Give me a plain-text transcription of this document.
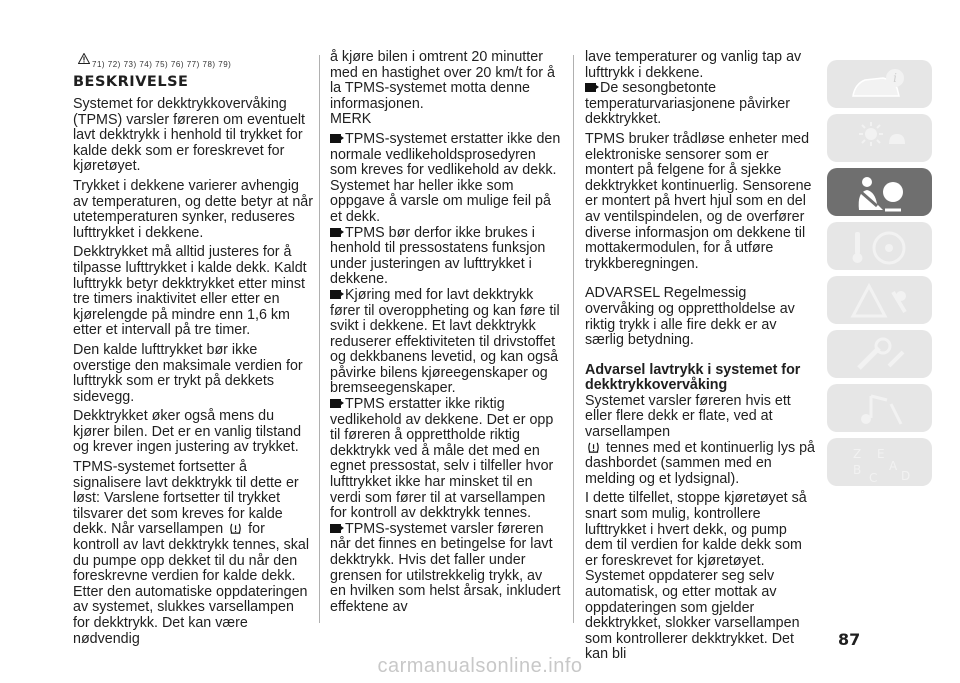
71) 72) 73) 74) 75) 76) 77) 78) 79)
BESKRIVELSE

Systemet for dekktrykkovervåking (TPMS) varsler føreren om eventuelt lavt dekktrykk i henhold til trykket for kalde dekk som er foreskrevet for kjøretøyet.

Trykket i dekkene varierer avhengig av temperaturen, og dette betyr at når utetemperaturen synker, reduseres lufttrykket i dekkene.

Dekktrykket må alltid justeres for å tilpasse lufttrykket i kalde dekk. Kaldt lufttrykk betyr dekktrykket etter minst tre timers inaktivitet eller etter en kjørelengde på mindre enn 1,6 km etter et intervall på tre timer.

Den kalde lufttrykket bør ikke overstige den maksimale verdien for lufttrykk som er trykt på dekkets sidevegg.

Dekktrykket øker også mens du kjører bilen. Det er en vanlig tilstand og krever ingen justering av trykket.

TPMS-systemet fortsetter å signalisere lavt dekktrykk til dette er løst: Varslene fortsetter til trykket tilsvarer det som kreves for kalde dekk. Når varsellampen for kontroll av lavt dekktrykk tennes, skal du pumpe opp dekket til du når den foreskrevne verdien for kalde dekk. Etter den automatiske oppdateringen av systemet, slukkes varsellampen for dekktrykk. Det kan være nødvendig

å kjøre bilen i omtrent 20 minutter med en hastighet over 20 km/t for å la TPMS-systemet motta denne informasjonen.

MERK

TPMS-systemet erstatter ikke den normale vedlikeholdsprosedyren som kreves for vedlikehold av dekk. Systemet har heller ikke som oppgave å varsle om mulige feil på et dekk.

TPMS bør derfor ikke brukes i henhold til pressostatens funksjon under justeringen av lufttrykket i dekkene.

Kjøring med for lavt dekktrykk fører til overoppheting og kan føre til svikt i dekkene. Et lavt dekktrykk reduserer effektiviteten til drivstoffet og dekkbanens levetid, og kan også påvirke bilens kjøreegenskaper og bremseegenskaper.

TPMS erstatter ikke riktig vedlikehold av dekkene. Det er opp til føreren å opprettholde riktig dekktrykk ved å måle det med en egnet pressostat, selv i tilfeller hvor lufttrykket ikke har minsket til en verdi som fører til at varsellampen for kontroll av dekktrykk tennes.

TPMS-systemet varsler føreren når det finnes en betingelse for lavt dekktrykk. Hvis det faller under grensen for utilstrekkelig trykk, av en hvilken som helst årsak, inkludert effektene av

lave temperaturer og vanlig tap av lufttrykk i dekkene.

De sesongbetonte temperaturvariasjonene påvirker dekktrykket.

TPMS bruker trådløse enheter med elektroniske sensorer som er montert på felgene for å sjekke dekktrykket kontinuerlig. Sensorene er montert på hvert hjul som en del av ventilspindelen, og de overfører diverse informasjon om dekkene til mottakermodulen, for å utføre trykkberegningen.

ADVARSEL Regelmessig overvåking og opprettholdelse av riktig trykk i alle fire dekk er av særlig betydning.

Advarsel lavtrykk i systemet for dekktrykkovervåking

Systemet varsler føreren hvis ett eller flere dekk er flate, ved at varsellampen
tennes med et kontinuerlig lys på dashbordet (sammen med en melding og et lydsignal).

I dette tilfellet, stoppe kjøretøyet så snart som mulig, kontrollere lufttrykket i hvert dekk, og pump dem til verdien for kalde dekk som er foreskrevet for kjøretøyet. Systemet oppdaterer seg selv automatisk, og etter mottak av oppdateringen som gjelder dekktrykket, slokker varsellampen som kontrollerer dekktrykket. Det kan bli

i
Z E
B A
C D
87
carmanualsonline.info
